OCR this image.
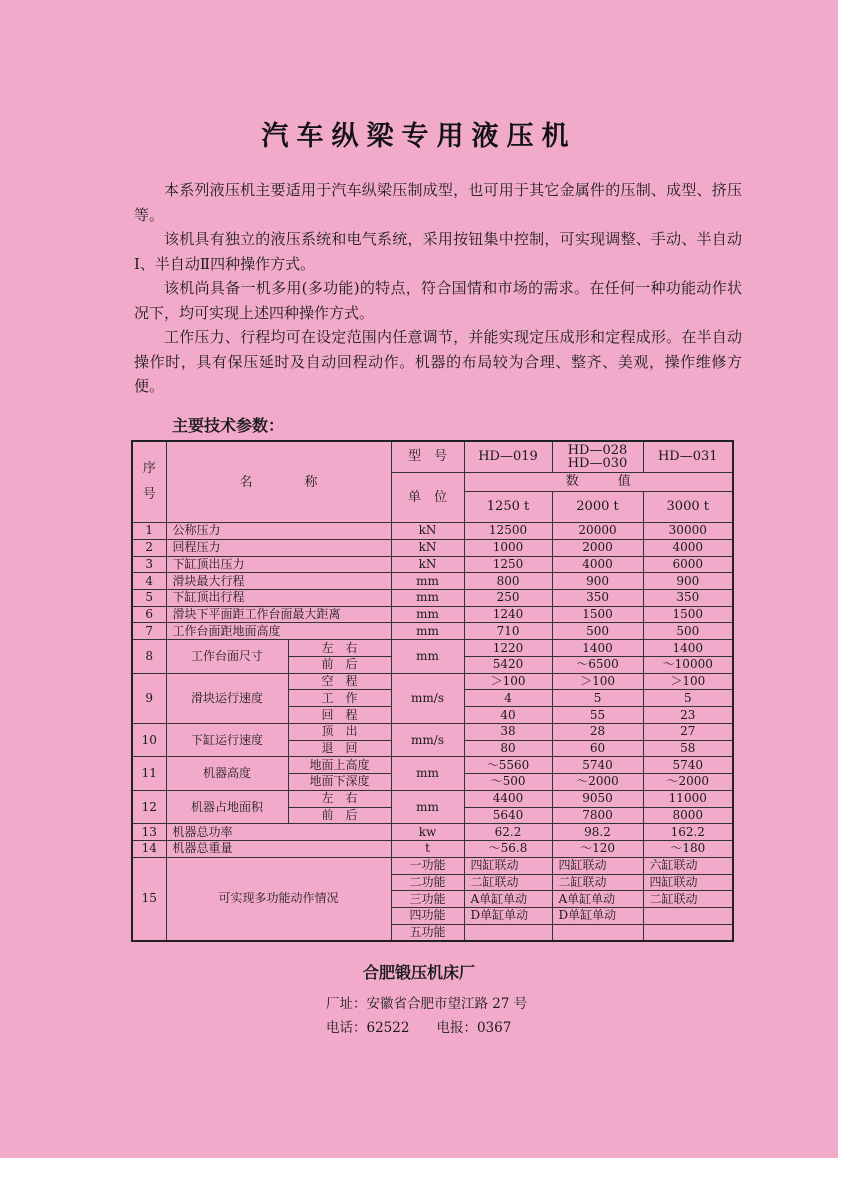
汽车纵梁专用液压机

本系列液压机主要适用于汽车纵梁压制成型，也可用于其它金属件的压制、成型、挤压等。

该机具有独立的液压系统和电气系统，采用按钮集中控制，可实现调整、手动、半自动Ⅰ、半自动Ⅱ四种操作方式。

该机尚具备一机多用(多功能)的特点，符合国情和市场的需求。在任何一种功能动作状况下，均可实现上述四种操作方式。

工作压力、行程均可在设定范围内任意调节，并能实现定压成形和定程成形。在半自动操作时，具有保压延时及自动回程动作。机器的布局较为合理、整齐、美观，操作维修方便。

主要技术参数：
序
号	名　　　　称		型　号	HD—019	HD—028
HD—030	HD—031
			单　位	数　　　值		
				1250 t	2000 t	3000 t
1	公称压力		kN	12500	20000	30000
2	回程压力		kN	1000	2000	4000
3	下缸顶出压力		kN	1250	4000	6000
4	滑块最大行程		mm	800	900	900
5	下缸顶出行程		mm	250	350	350
6	滑块下平面距工作台面最大距离		mm	1240	1500	1500
7	工作台面距地面高度		mm	710	500	500
8	工作台面尺寸	左　右	mm	1220	1400	1400
		前　后		5420	～6500	～10000
9	滑块运行速度	空　程	mm/s	＞100	＞100	＞100
		工　作		4	5	5
		回　程		40	55	23
10	下缸运行速度	顶　出	mm/s	38	28	27
		退　回		80	60	58
11	机器高度	地面上高度	mm	～5560	5740	5740
		地面下深度		～500	～2000	～2000
12	机器占地面积	左　右	mm	4400	9050	11000
		前　后		5640	7800	8000
13	机器总功率		kw	62.2	98.2	162.2
14	机器总重量		t	～56.8	～120	～180
15	可实现多功能动作情况		一功能	四缸联动	四缸联动	六缸联动
			二功能	二缸联动	二缸联动	四缸联动
			三功能	A单缸单动	A单缸单动	二缸联动
			四功能	D单缸单动	D单缸单动	
			五功能			
合肥锻压机床厂
厂址：安徽省合肥市望江路 27 号
电话：62522　　电报：0367
